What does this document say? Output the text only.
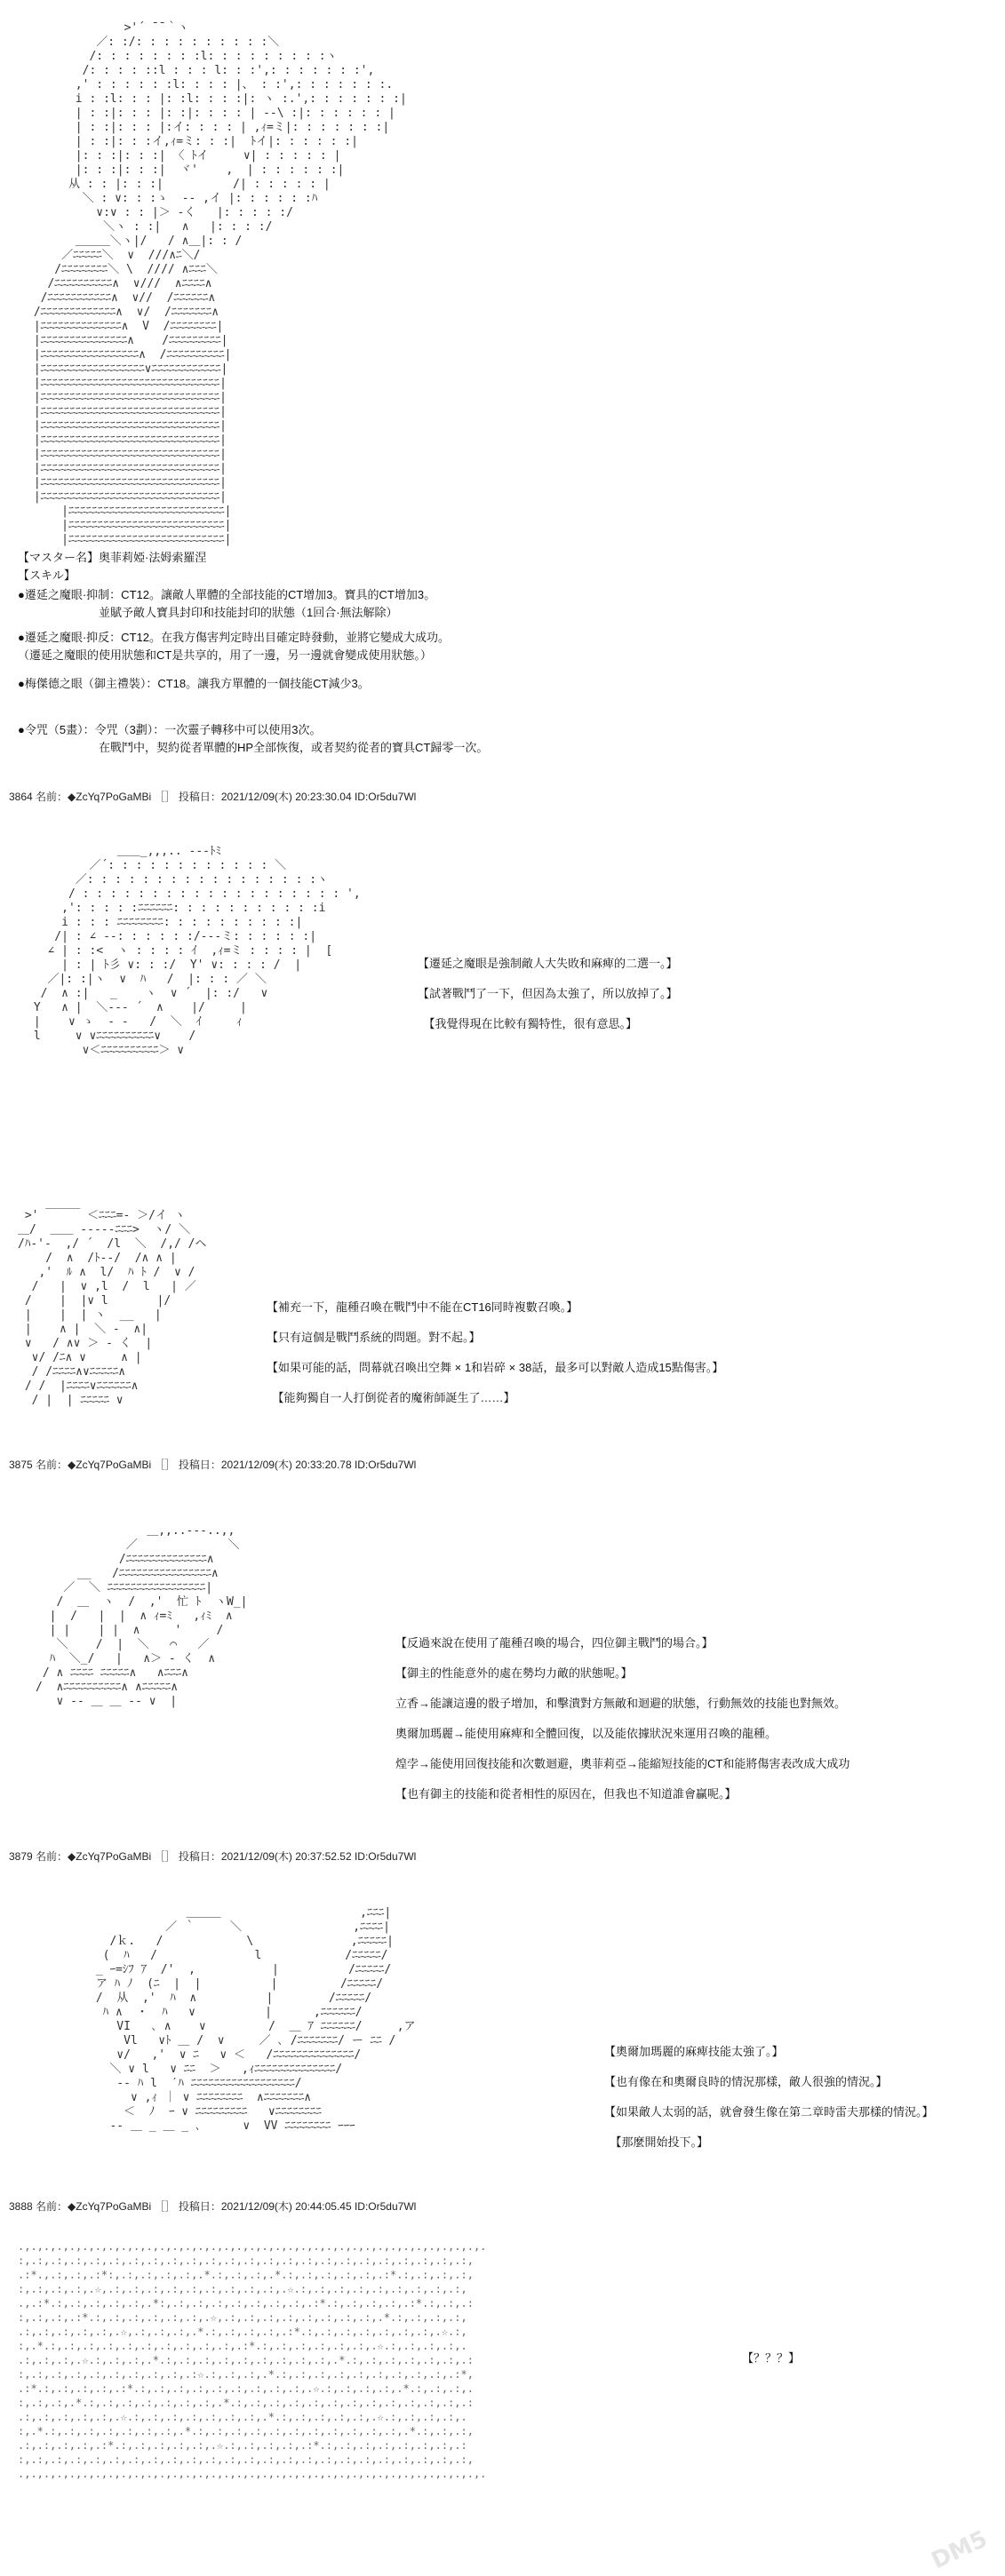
>'´ ̄ ̄ ｀ヽ
／: :/: : : : : : : : : :＼
/: : : : : : : :l: : : : : : : : :ヽ
/: : : : ::l : : : l: : :',: : : : : : :',
,' : : : : : :l: : : : |、 : :',: : : : : : :.
i : :l: : : |: :l: : : :|: ヽ :.',: : : : : : :|
| : :|: : : |: :|: : : : | ‐-\ :|: : : : : : |
| : :|: : : |:イ: : : : | ,ｨ=ミ|: : : : : : :|
| : :|: : :イ,ｨ=ミ: : :|  ﾄイ|: : : : : :|
|: : :|: : :| 〈 ﾄイ     ∨| : : : : : |
|: : :|: : :|  ヾ'    ,  | : : : : : :|
从 : : |: : :|          /| : : : : : |
＼ : ∨: : :ゝ  ‐- ,イ |: : : : : :ﾊ
∨:∨ : : |＞ -く   |: : : : :/
＼ヽ : :|   ∧   |: : : :/
＿＿＿＼ヽ|/   / ∧＿|: : /
／ﾆﾆﾆﾆﾆ＼  ∨  ///∧ﾆ＼/
/ﾆﾆﾆﾆﾆﾆﾆﾆ＼ \  //// ∧ﾆﾆﾆ＼
/ﾆﾆﾆﾆﾆﾆﾆﾆﾆﾆ∧  ∨///  ∧ﾆﾆﾆﾆ∧
/ﾆﾆﾆﾆﾆﾆﾆﾆﾆﾆﾆ∧  ∨//  /ﾆﾆﾆﾆﾆﾆ∧
/ﾆﾆﾆﾆﾆﾆﾆﾆﾆﾆﾆﾆﾆ∧  ∨/  /ﾆﾆﾆﾆﾆﾆﾆ∧
|ﾆﾆﾆﾆﾆﾆﾆﾆﾆﾆﾆﾆﾆﾆ∧  V  /ﾆﾆﾆﾆﾆﾆﾆﾆ|
|ﾆﾆﾆﾆﾆﾆﾆﾆﾆﾆﾆﾆﾆﾆﾆ∧    /ﾆﾆﾆﾆﾆﾆﾆﾆﾆ|
|ﾆﾆﾆﾆﾆﾆﾆﾆﾆﾆﾆﾆﾆﾆﾆﾆﾆ∧  /ﾆﾆﾆﾆﾆﾆﾆﾆﾆﾆ|
|ﾆﾆﾆﾆﾆﾆﾆﾆﾆﾆﾆﾆﾆﾆﾆﾆﾆﾆ∨ﾆﾆﾆﾆﾆﾆﾆﾆﾆﾆﾆﾆ|
|ﾆﾆﾆﾆﾆﾆﾆﾆﾆﾆﾆﾆﾆﾆﾆﾆﾆﾆﾆﾆﾆﾆﾆﾆﾆﾆﾆﾆﾆﾆﾆ|
|ﾆﾆﾆﾆﾆﾆﾆﾆﾆﾆﾆﾆﾆﾆﾆﾆﾆﾆﾆﾆﾆﾆﾆﾆﾆﾆﾆﾆﾆﾆﾆ|
|ﾆﾆﾆﾆﾆﾆﾆﾆﾆﾆﾆﾆﾆﾆﾆﾆﾆﾆﾆﾆﾆﾆﾆﾆﾆﾆﾆﾆﾆﾆﾆ|
|ﾆﾆﾆﾆﾆﾆﾆﾆﾆﾆﾆﾆﾆﾆﾆﾆﾆﾆﾆﾆﾆﾆﾆﾆﾆﾆﾆﾆﾆﾆﾆ|
|ﾆﾆﾆﾆﾆﾆﾆﾆﾆﾆﾆﾆﾆﾆﾆﾆﾆﾆﾆﾆﾆﾆﾆﾆﾆﾆﾆﾆﾆﾆﾆ|
|ﾆﾆﾆﾆﾆﾆﾆﾆﾆﾆﾆﾆﾆﾆﾆﾆﾆﾆﾆﾆﾆﾆﾆﾆﾆﾆﾆﾆﾆﾆﾆ|
|ﾆﾆﾆﾆﾆﾆﾆﾆﾆﾆﾆﾆﾆﾆﾆﾆﾆﾆﾆﾆﾆﾆﾆﾆﾆﾆﾆﾆﾆﾆﾆ|
|ﾆﾆﾆﾆﾆﾆﾆﾆﾆﾆﾆﾆﾆﾆﾆﾆﾆﾆﾆﾆﾆﾆﾆﾆﾆﾆﾆﾆﾆﾆﾆ|
|ﾆﾆﾆﾆﾆﾆﾆﾆﾆﾆﾆﾆﾆﾆﾆﾆﾆﾆﾆﾆﾆﾆﾆﾆﾆﾆﾆﾆﾆﾆﾆ|
|ﾆﾆﾆﾆﾆﾆﾆﾆﾆﾆﾆﾆﾆﾆﾆﾆﾆﾆﾆﾆﾆﾆﾆﾆﾆﾆﾆ|
|ﾆﾆﾆﾆﾆﾆﾆﾆﾆﾆﾆﾆﾆﾆﾆﾆﾆﾆﾆﾆﾆﾆﾆﾆﾆﾆﾆ|
|ﾆﾆﾆﾆﾆﾆﾆﾆﾆﾆﾆﾆﾆﾆﾆﾆﾆﾆﾆﾆﾆﾆﾆﾆﾆﾆﾆ|

【マスター名】奥菲莉婭·法姆索羅涅
【スキル】
●遷延之魔眼·抑制：CT12。讓敵人單體的全部技能的CT增加3。寶具的CT增加3。
　　　　　　　並賦予敵人寶具封印和技能封印的狀態（1回合·無法解除）
●遷延之魔眼·抑反：CT12。在我方傷害判定時出目確定時發動，並將它變成大成功。
（遷延之魔眼的使用狀態和CT是共享的，用了一邊，另一邊就會變成使用狀態。）
●梅傑德之眼（御主禮裝）：CT18。讓我方單體的一個技能CT減少3。
●令咒（5畫）：令咒（3劃）：一次靈子轉移中可以使用3次。
　　　　　　　在戰鬥中，契約從者單體的HP全部恢復，或者契約從者的寶具CT歸零一次。
3864 名前：◆ZcYq7PoGaMBi ［］ 投稿日：2021/12/09(木) 20:23:30.04 ID:Or5du7Wl

＿＿_,,,.. -‐‐ﾄﾐ
／´: : : : : : : : : : : : ＼
／: : : : : : : : : : : : : : : : :ヽ
/ : : : : : : : : : : : : : : : : : : : ',
,': : : : :ﾆﾆﾆﾆﾆﾆ: : : : : : : : : : :i
i : : : ﾆﾆﾆﾆﾆﾆﾆﾆ: : : : : : : : : :|
/| : ∠ ‐-: : : : : :/‐‐-ミ: : : : : :|
∠ | : :<  ヽ : : : : ｲ  ,ｨ=ミ : : : : |  [
| : | ﾄ彡 ∨: : :/  Y' ∨: : : : /  |
／|: :|ヽ  ∨  ﾊ   /  |: : : ／ ＼
/  ∧ :|   _    ヽ  ∨ ´  |: :/   ∨
Y   ∧ |  ＼‐‐‐ ´  ∧    |/     |
|    ∨ ゝ  ‐ ‐   /  ＼  ｲ     ｨ
l     ∨ ∨ﾆﾆﾆﾆﾆﾆﾆﾆﾆﾆ∨    /
∨＜ﾆﾆﾆﾆﾆﾆﾆﾆﾆﾆ＞ ∨

【遷延之魔眼是強制敵人大失敗和麻痺的二選一。】
【試著戰鬥了一下，但因為太強了，所以放掉了。】
　【我覺得現在比較有獨特性，很有意思。】

>' ￣￣￣ ＜ﾆﾆﾆ=- ＞/イ ヽ
＿/  ＿＿ ‐‐--‐ﾆﾆﾆ>  ヽ/ ＼
/ﾊ‐'‐  ,/ ´  /l  ＼  /,/ /ヘ
/  ∧  /ﾄ‐‐/  /∧ ∧ |
,'  ﾙ ∧  l/  ﾊ ﾄ /  ∨ /
/   |  ∨ ,l  /  l   | ／
/    |  |∨ l       |/
|    |  | ヽ  __   |
|    ∧ |  ＼ ‐  ∧|
∨   / ∧∨ ＞ ‐ く  |
∨/ /ﾆ∧ ∨     ∧ |
/ /ﾆﾆﾆﾆ∧∨ﾆﾆﾆﾆﾆ∧
/ /  |ﾆﾆﾆﾆ∨ﾆﾆﾆﾆﾆﾆ∧
/ |  | ﾆﾆﾆﾆﾆ ∨

【補充一下，龍種召喚在戰鬥中不能在CT16同時複數召喚。】
【只有這個是戰鬥系統的問題。對不起。】
【如果可能的話，問幕就召喚出空舞 × 1和岩碎 × 38話，最多可以對敵人造成15點傷害。】
　【能夠獨自一人打倒從者的魔術師誕生了……】
3875 名前：◆ZcYq7PoGaMBi ［］ 投稿日：2021/12/09(木) 20:33:20.78 ID:Or5du7Wl

＿,,..-‐-..,,
／             ＼
/ﾆﾆﾆﾆﾆﾆﾆﾆﾆﾆﾆﾆﾆﾆ∧
__   /ﾆﾆﾆﾆﾆﾆﾆﾆﾆﾆﾆﾆﾆﾆﾆﾆ∧
／  ＼ ﾆﾆﾆﾆﾆﾆﾆﾆﾆﾆﾆﾆﾆﾆﾆﾆﾆ|
/  ＿  ヽ  /  ,'  忙 ﾄ  ヽW_|
|  /   |  |  ∧ ｨ=ﾐ   ,ｨﾐ  ∧
| |    | |  ∧     '     /
＼    /  |  ＼   ⌒   ／
ﾊ  ＼_/   |   ∧＞ ‐ く  ∧
/ ∧ ﾆﾆﾆﾆ ﾆﾆﾆﾆﾆ∧   ∧ﾆﾆﾆ∧
/  ∧ﾆﾆﾆﾆﾆﾆﾆﾆﾆﾆ∧ ∧ﾆﾆﾆﾆﾆ∧
∨ ‐- ＿ ＿ -‐ ∨  |

【反過來說在使用了龍種召喚的場合，四位御主戰鬥的場合。】
【御主的性能意外的處在勢均力敵的狀態呢。】
立香→能讓這邊的骰子增加，和擊潰對方無敵和迴避的狀態，行動無效的技能也對無效。
奧爾加瑪麗→能使用麻痺和全體回復，以及能依據狀況來運用召喚的龍種。
煌孛→能使用回復技能和次數迴避，奧菲莉亞→能縮短技能的CT和能將傷害表改成大成功
【也有御主的技能和從者相性的原因在，但我也不知道誰會贏呢。】
3879 名前：◆ZcYq7PoGaMBi ［］ 投稿日：2021/12/09(木) 20:37:52.52 ID:Or5du7Wl

＿＿＿                    ,ﾆﾆﾆ|
／ ｀     ＼                ,ﾆﾆﾆﾆ|
/ｋ.   /            \              ,ﾆﾆﾆﾆﾆ|
(  ﾊ   /              l            /ﾆﾆﾆﾆﾆ/
_ ｰ=ｼﾌ ｱ  /'  ,           |          /ﾆﾆﾆﾆﾆ/
ア ﾊ ﾉ  (ﾆ  |  |          |         /ﾆﾆﾆﾆﾆ/
/  从  ,'  ﾊ  ∧          |        /ﾆﾆﾆﾆﾆ/
ﾊ ∧  ・  ﾊ   ∨          |      ,ﾆﾆﾆﾆﾆﾆ/
VI   ､ ∧    ∨         /  ＿ ｱ ﾆﾆﾆﾆﾆﾆ/     ,ア
Vl   ∨ﾄ ＿ /  ∨     ／ ､ /ﾆﾆﾆﾆﾆﾆﾆ/ ー ﾆﾆ /
∨/   ,'  ∨ ﾆ   ∨ ＜   /ﾆﾆﾆﾆﾆﾆﾆﾆﾆﾆﾆﾆﾆﾆ/
＼ ∨ l   ∨ ﾆﾆ  ＞   ,ｨﾆﾆﾆﾆﾆﾆﾆﾆﾆﾆﾆﾆﾆﾆ/
-‐ ﾊ l  ′ﾊ ﾆﾆﾆﾆﾆﾆﾆﾆﾆﾆﾆﾆﾆﾆﾆﾆﾆﾆ/
∨ ,ｨ ｜ ∨ ﾆﾆﾆﾆﾆﾆﾆﾆ  ∧ﾆﾆﾆﾆﾆﾆﾆ∧
＜  ﾉ  ｰ ∨ ﾆﾆﾆﾆﾆﾆﾆﾆﾆ   ∨ﾆﾆﾆﾆﾆﾆﾆﾆ
‐- ＿ _ ＿ _ ､      ∨  VV ﾆﾆﾆﾆﾆﾆﾆﾆ ｰｰｰ

【奧爾加瑪麗的麻痺技能太強了。】
【也有像在和奧爾良時的情況那樣，敵人很強的情況。】
【如果敵人太弱的話，就會發生像在第二章時雷夫那樣的情況。】
　【那麼開始投下。】
3888 名前：◆ZcYq7PoGaMBi ［］ 投稿日：2021/12/09(木) 20:44:05.45 ID:Or5du7Wl

.,.,.,.,.,.,.,.,.,.,.,.,.,.,.,.,.,.,.,.,.,.,.,.,.,.,.,.,.,.,.,.,.,.,.,.,.
:,.:,.:,.:,.:,.:,.:,.:,.:,.:,.:,.:,.:,.:,.:,.:,.:,.:,.:,.:,.:,.:,.:,.:,
.:*.,.:,.:,.:*:,.:,.:,.:,.:,.*.:,.:,.:,.*.:,.:,.:,.:,.:,.:*.:,.:,.:,.:,
:,.:,.:,.:,.☆,.:,.:,.:,.:,.:,.:,.:,.:,.:,.☆.:,.:,.:,.:,.:,.:,.:,.:,.:,
.,.:*.:,.:,.:,.:,.:,.*:,.:,.:,.:,.:,.:,.:,.:,.:*.:,.:,.:,.:,.:*.:,.:,.:
:,.:,.:,.:*.:,.:,.:,.:,.:,.:,.☆,.:,.:,.:,.:,.:,.:,.:,.:,.*.:,.:,.:,.:,
.:,.:,.:,.:,.:,.☆,.:,.:,.:,.*.:,.:,.:,.:,.:*.:,.:,.:,.:,.:,.:,.:,.☆.:,
:,.*.:,.:,.:,.:,.:,.:,.:,.:,.:,.:,.:*.:,.:,.:,.:,.:,.:,.☆.:,.:,.:,.:,.
.:,.:,.:,.☆.:,.:,.:,.*.:,.:,.:,.:,.:,.:,.:,.:,.:,.*.:,.:,.:,.:,.:,.:,.:
:,.:,.:,.:,.:,.:,.:,.:,.:,.:☆.:,.:,.:,.*.:,.:,.:,.:,.:,.:,.:,.:,.:,.:*,
.:*.:,.:,.:,.:,.:*.:,.:,.:,.:,.:,.:,.:,.:,.:,.☆.:,.:,.:,.:,.*.:,.:,.:,.
:,.:,.:,.*.:,.:,.:,.:,.:,.:,.:,.*.:,.:,.:,.:,.:,.:,.:,.:,.:,.:,.:,.:,.:
.:,.:,.:,.:,.:,.☆.:,.:,.:,.:,.:,.:,.:,.*.:,.:,.:,.:,.:,.☆.:,.:,.:,.:,.
:,.*.:,.:,.:,.:,.:,.:,.:,.*.:,.:,.:,.:,.:,.:,.:,.:,.:,.:,.:,.*.:,.:,.:,
.:,.:,.:,.:,.:*.:,.:,.:,.:,.:,.☆.:,.:,.:,.:,.:*.:,.:,.:,.:,.:,.:,.:,.:
:,.:,.:,.:,.:,.:,.:,.:,.:,.:,.:,.:,.:,.:,.:,.:,.:,.:,.:,.:,.:,.:,.:,.:,
.,.,.,.,.,.,.,.,.,.,.,.,.,.,.,.,.,.,.,.,.,.,.,.,.,.,.,.,.,.,.,.,.,.,.,.,.

【？？？】
DM5
